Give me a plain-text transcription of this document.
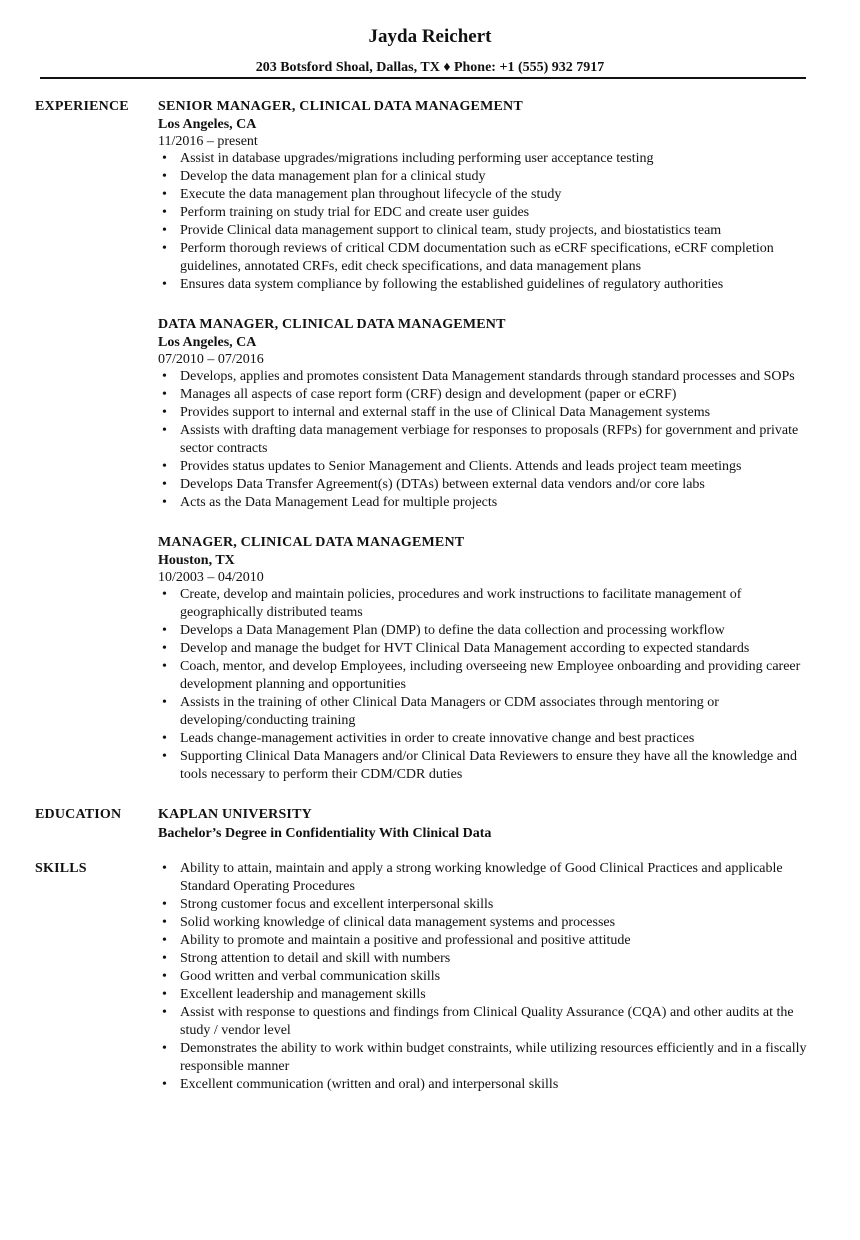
Jayda Reichert
203 Botsford Shoal, Dallas, TX ♦ Phone: +1 (555) 932 7917
EXPERIENCE SENIOR MANAGER, CLINICAL DATA MANAGEMENT
Los Angeles, CA
11/2016 – present
• Assist in database upgrades/migrations including performing user acceptance testing
• Develop the data management plan for a clinical study
• Execute the data management plan throughout lifecycle of the study
• Perform training on study trial for EDC and create user guides
• Provide Clinical data management support to clinical team, study projects, and biostatistics team
• Perform thorough reviews of critical CDM documentation such as eCRF specifications, eCRF completion guidelines, annotated CRFs, edit check specifications, and data management plans
• Ensures data system compliance by following the established guidelines of regulatory authorities
DATA MANAGER, CLINICAL DATA MANAGEMENT
Los Angeles, CA
07/2010 – 07/2016
• Develops, applies and promotes consistent Data Management standards through standard processes and SOPs
• Manages all aspects of case report form (CRF) design and development (paper or eCRF)
• Provides support to internal and external staff in the use of Clinical Data Management systems
• Assists with drafting data management verbiage for responses to proposals (RFPs) for government and private sector contracts
• Provides status updates to Senior Management and Clients. Attends and leads project team meetings
• Develops Data Transfer Agreement(s) (DTAs) between external data vendors and/or core labs
• Acts as the Data Management Lead for multiple projects
MANAGER, CLINICAL DATA MANAGEMENT
Houston, TX
10/2003 – 04/2010
• Create, develop and maintain policies, procedures and work instructions to facilitate management of geographically distributed teams
• Develops a Data Management Plan (DMP) to define the data collection and processing workflow
• Develop and manage the budget for HVT Clinical Data Management according to expected standards
• Coach, mentor, and develop Employees, including overseeing new Employee onboarding and providing career development planning and opportunities
• Assists in the training of other Clinical Data Managers or CDM associates through mentoring or developing/conducting training
• Leads change-management activities in order to create innovative change and best practices
• Supporting Clinical Data Managers and/or Clinical Data Reviewers to ensure they have all the knowledge and tools necessary to perform their CDM/CDR duties
EDUCATION	KAPLAN UNIVERSITY
Bachelor’s Degree in Confidentiality With Clinical Data
SKILLS
•	Ability to attain, maintain and apply a strong working knowledge of Good Clinical Practices and applicable Standard Operating Procedures
• Strong customer focus and excellent interpersonal skills
• Solid working knowledge of clinical data management systems and processes
• Ability to promote and maintain a positive and professional and positive attitude
• Strong attention to detail and skill with numbers
• Good written and verbal communication skills
• Excellent leadership and management skills
• Assist with response to questions and findings from Clinical Quality Assurance (CQA) and other audits at the study / vendor level
• Demonstrates the ability to work within budget constraints, while utilizing resources efficiently and in a fiscally responsible manner
• Excellent communication (written and oral) and interpersonal skills
